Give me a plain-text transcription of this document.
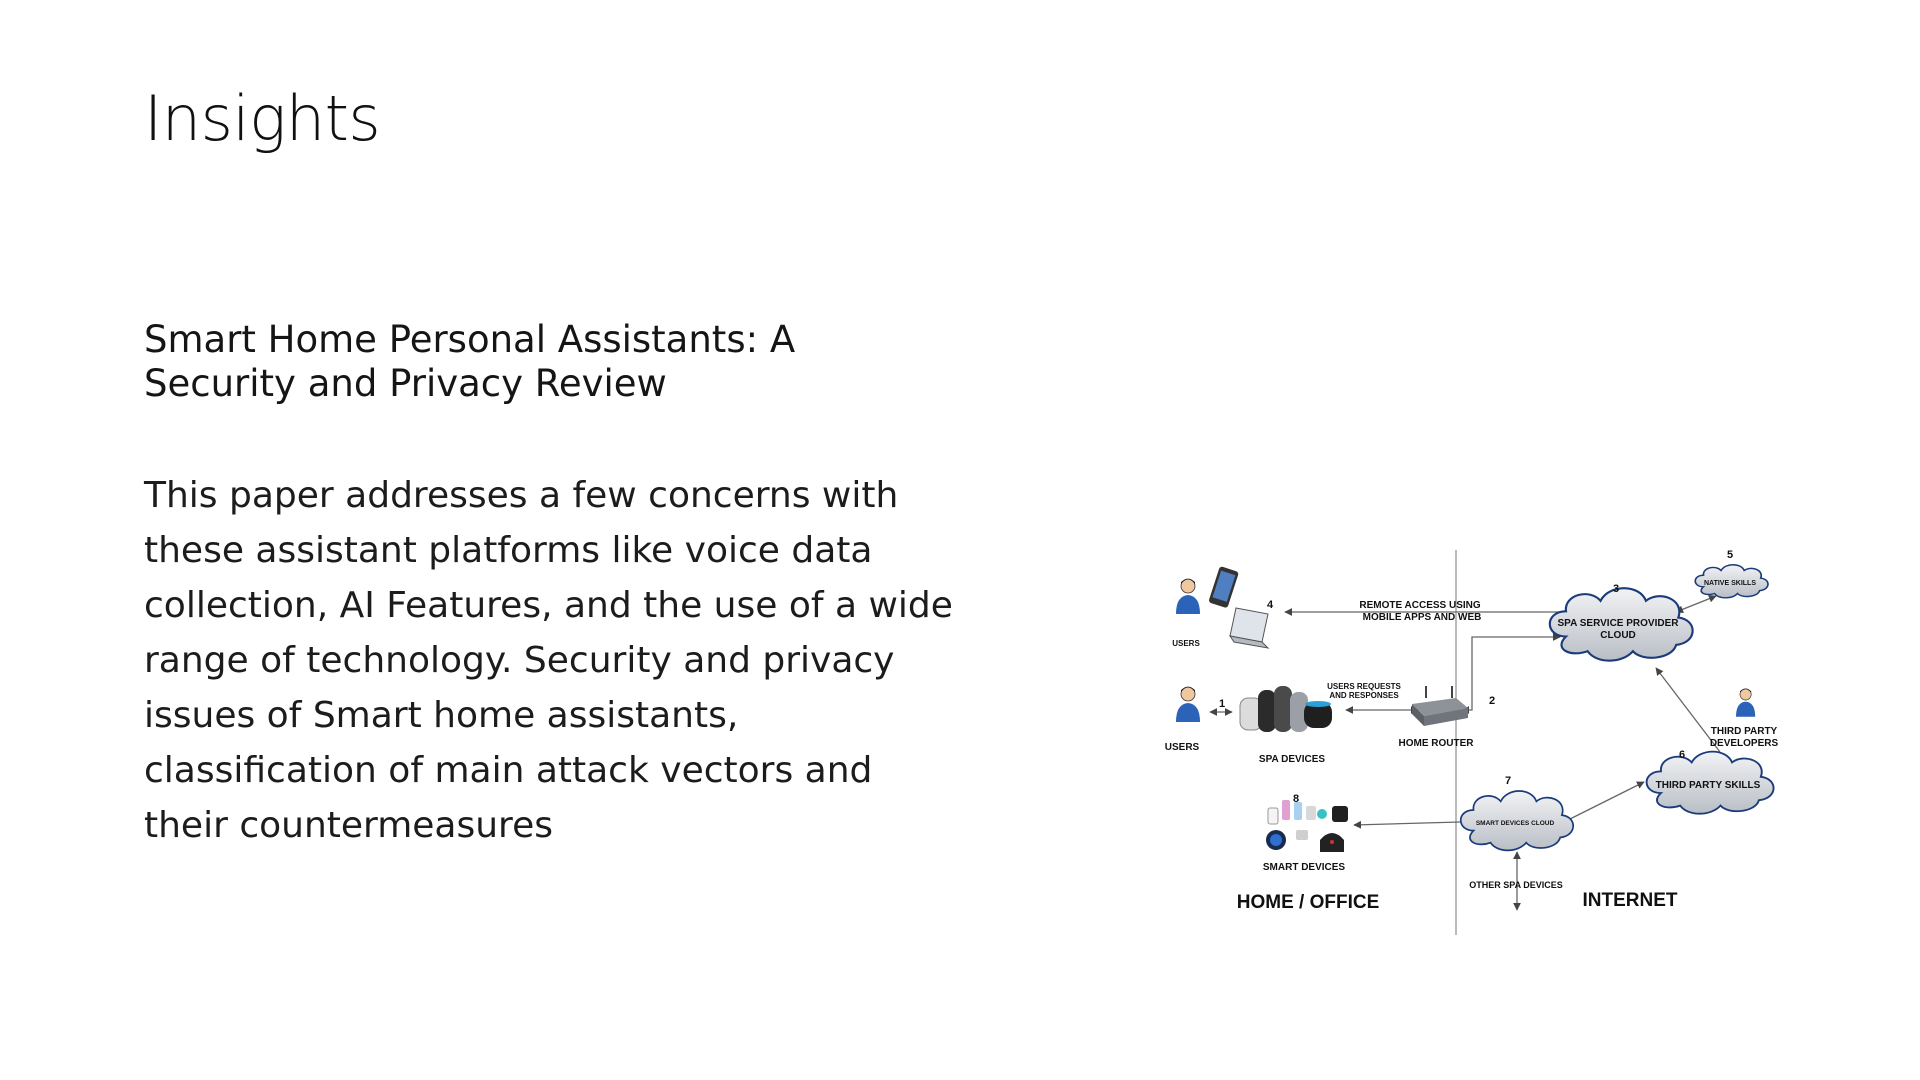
Insights
Smart Home Personal Assistants: A Security and Privacy Review

This paper addresses a few concerns with these assistant platforms like voice data collection, AI Features, and the use of a wide range of technology. Security and privacy issues of Smart home assistants, classification of main attack vectors and their countermeasures

USERS
USERS
SPA DEVICES
HOME ROUTER
REMOTE ACCESS USING
MOBILE APPS AND WEB
USERS REQUESTS
AND RESPONSES
SPA SERVICE PROVIDER
CLOUD
NATIVE SKILLS
THIRD PARTY
DEVELOPERS
THIRD PARTY SKILLS
SMART DEVICES CLOUD
SMART DEVICES
OTHER SPA DEVICES
HOME / OFFICE	INTERNET
1	2
3
4
5
6
7
8
